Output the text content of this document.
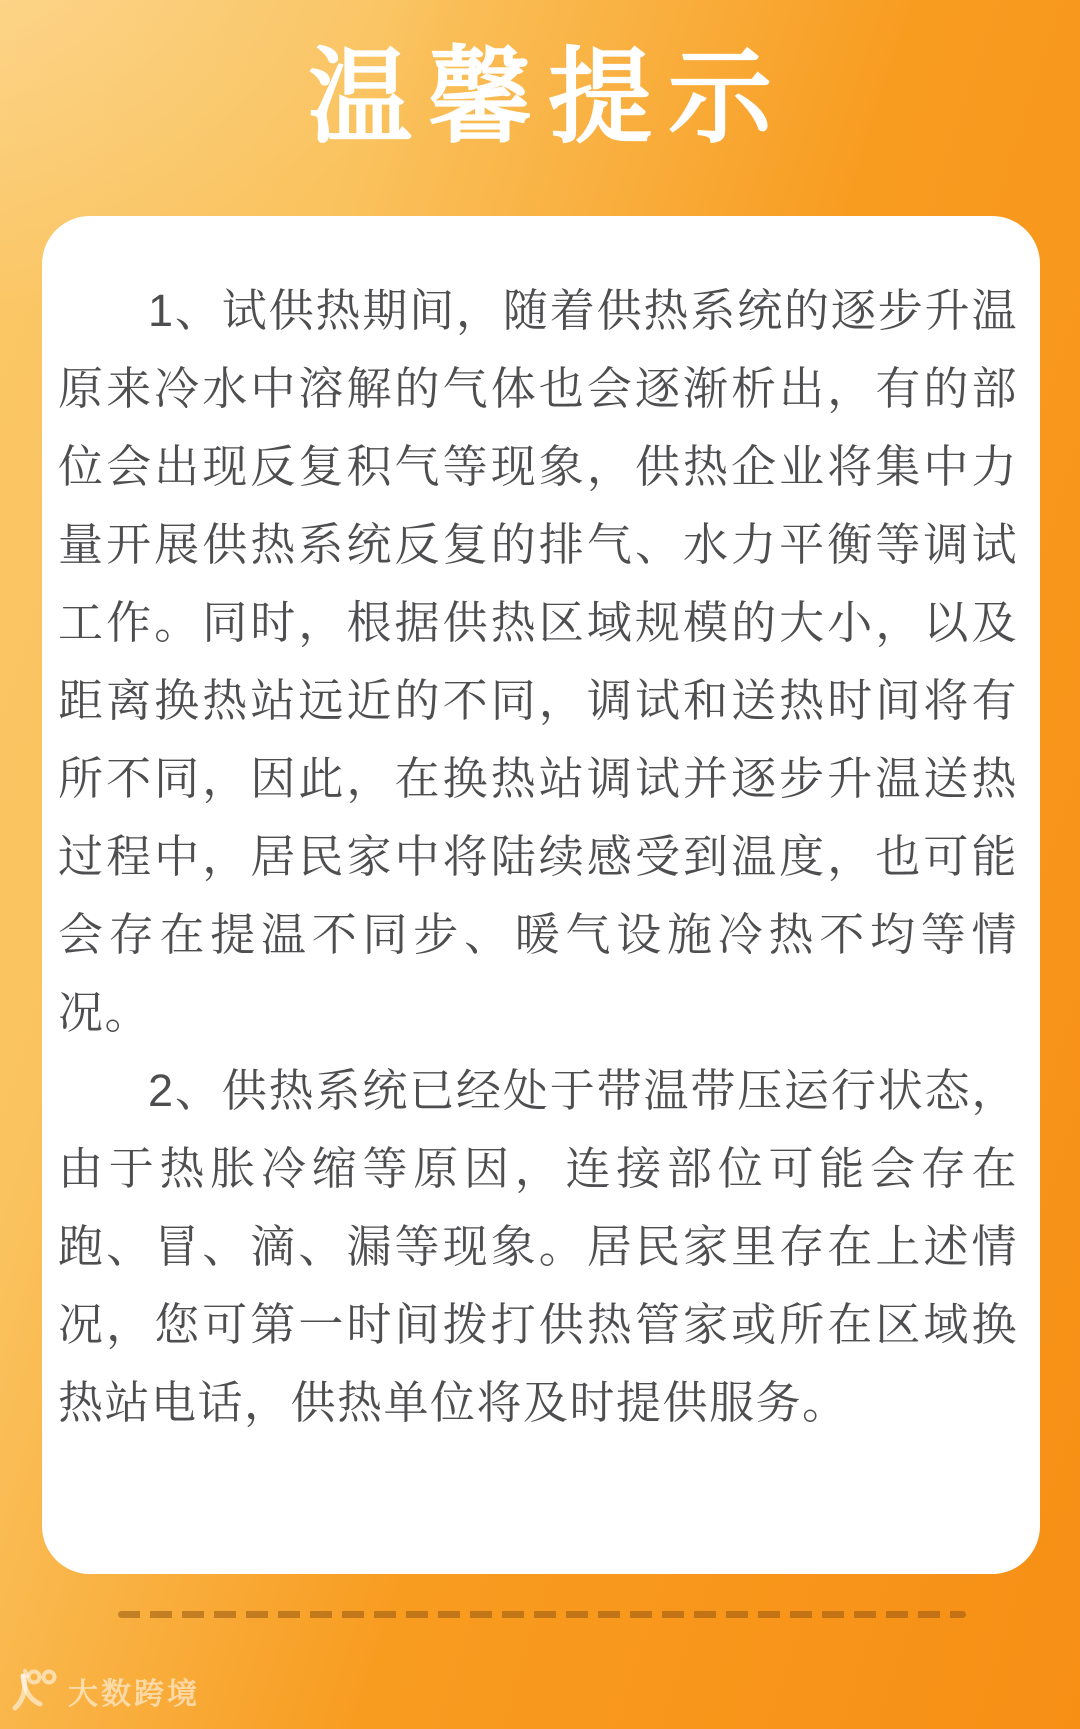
温馨提示

1、试供热期间，随着供热系统的逐步升温原来冷水中溶解的气体也会逐渐析出，有的部位会出现反复积气等现象，供热企业将集中力量开展供热系统反复的排气、水力平衡等调试工作。同时，根据供热区域规模的大小，以及距离换热站远近的不同，调试和送热时间将有所不同，因此，在换热站调试并逐步升温送热过程中，居民家中将陆续感受到温度，也可能会存在提温不同步、暖气设施冷热不均等情况。

2、供热系统已经处于带温带压运行状态，由于热胀冷缩等原因，连接部位可能会存在跑、冒、滴、漏等现象。居民家里存在上述情况，您可第一时间拨打供热管家或所在区域换热站电话，供热单位将及时提供服务。

大数跨境
